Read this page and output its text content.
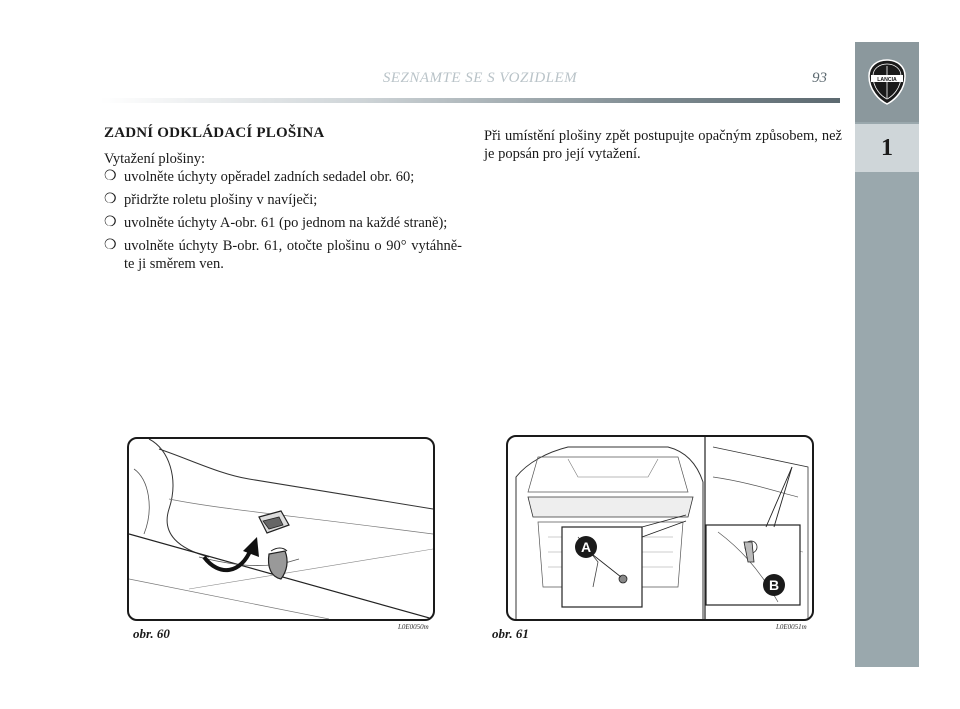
SEZNAMTE SE S VOZIDLEM	93	LANCIA
1
ZADNÍ ODKLÁDACÍ PLOŠINA

Vytažení plošiny:

❍ uvolněte úchyty opěradel zadních sedadel obr. 60;
❍ přidržte roletu plošiny v navíječi;
❍ uvolněte úchyty A-obr. 61 (po jednom na každé straně);
❍ uvolněte úchyty B-obr. 61, otočte plošinu o 90° vytáhně-te ji směrem ven.

Při umístění plošiny zpět postupujte opačným způsobem, než je popsán pro její vytažení.

obr. 60	L0E0050m
A
B
obr. 61	L0E0051m
